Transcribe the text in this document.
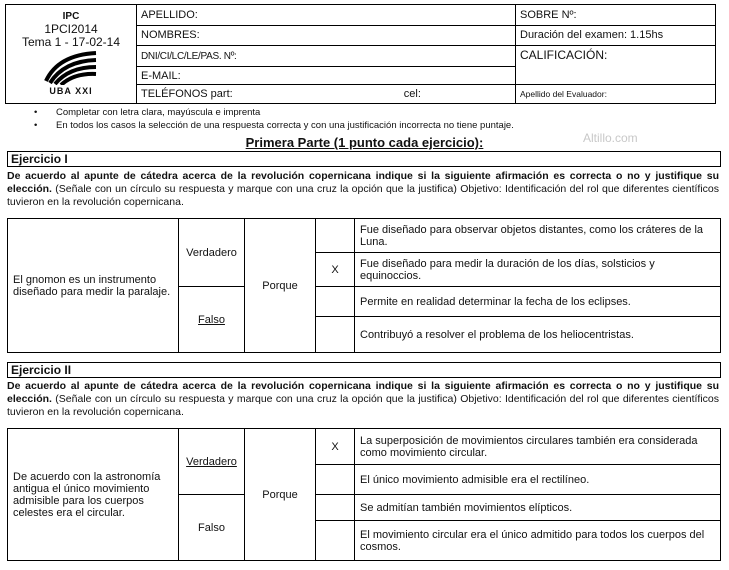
IPC
1PCI2014
Tema 1 - 17-02-14
UBA XXI	APELLIDO:	SOBRE Nº:
	NOMBRES:	Duración del examen: 1.15hs
	DNI/CI/LC/LE/PAS. Nº:	CALIFICACIÓN:
	E-MAIL:	
	TELÉFONOS part: cel:	Apellido del Evaluador:
• Completar con letra clara, mayúscula e imprenta
• En todos los casos la selección de una respuesta correcta y con una justificación incorrecta no tiene puntaje.
Altillo.com
Primera Parte (1 punto cada ejercicio):
Ejercicio I
De acuerdo al apunte de cátedra acerca de la revolución copernicana indique si la siguiente afirmación es correcta o no y justifique su elección. (Señale con un círculo su respuesta y marque con una cruz la opción que la justifica) Objetivo: Identificación del rol que diferentes científicos tuvieron en la revolución copernicana.
El gnomon es un instrumento diseñado para medir la paralaje.	Verdadero	Porque		Fue diseñado para observar objetos distantes, como los cráteres de la Luna.
			X	Fue diseñado para medir la duración de los días, solsticios y equinoccios.
	Falso			Permite en realidad determinar la fecha de los eclipses.
				Contribuyó a resolver el problema de los heliocentristas.
Ejercicio II
De acuerdo al apunte de cátedra acerca de la revolución copernicana indique si la siguiente afirmación es correcta o no y justifique su elección. (Señale con un círculo su respuesta y marque con una cruz la opción que la justifica) Objetivo: Identificación del rol que diferentes científicos tuvieron en la revolución copernicana.
De acuerdo con la astronomía antigua el único movimiento admisible para los cuerpos celestes era el circular.	Verdadero	Porque	X	La superposición de movimientos circulares también era considerada como movimiento circular.
				El único movimiento admisible era el rectilíneo.
	Falso			Se admitían también movimientos elípticos.
				El movimiento circular era el único admitido para todos los cuerpos del cosmos.
